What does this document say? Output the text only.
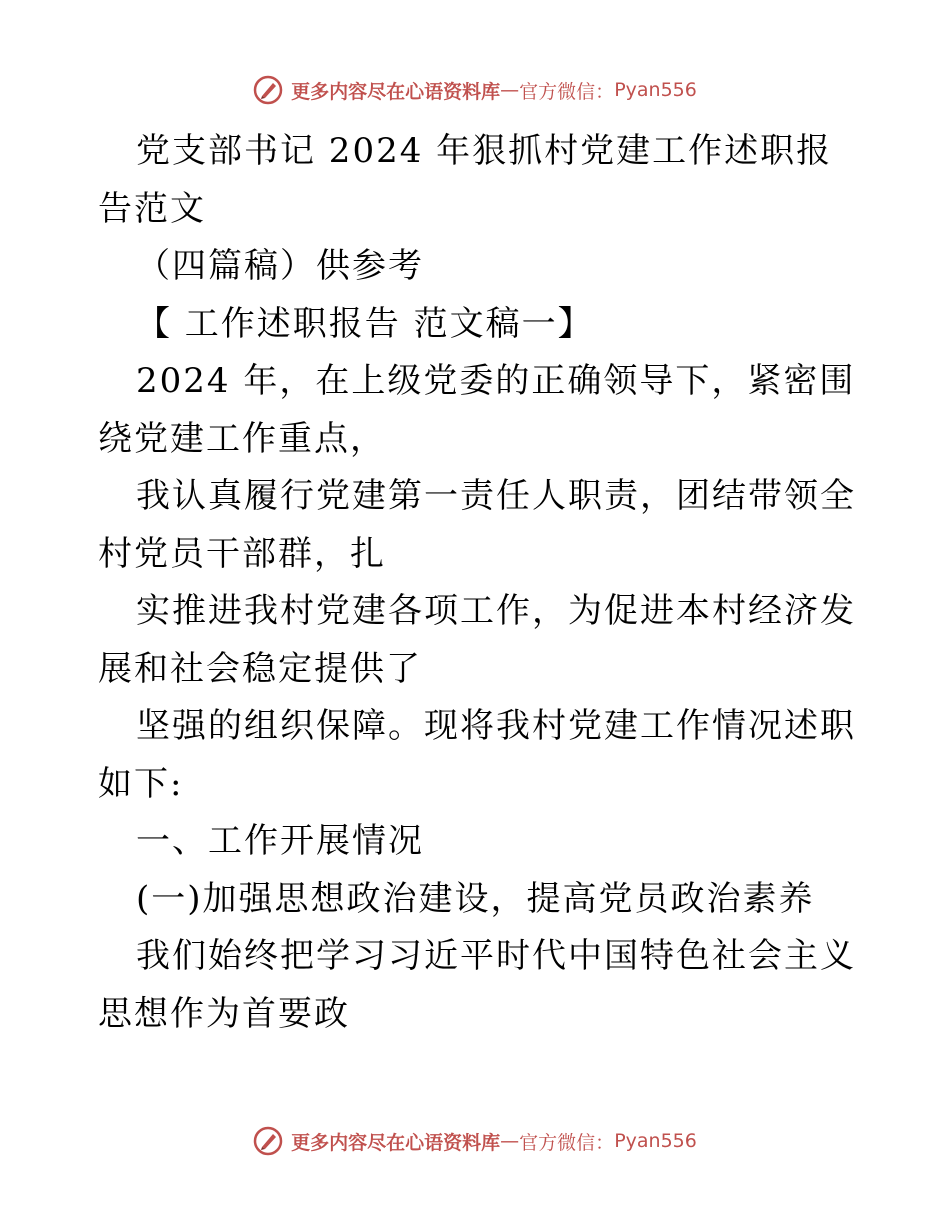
更多内容尽在心语资料库 — 官方微信： Pyan556

党支部书记 2024 年狠抓村党建工作述职报告范文

（四篇稿）供参考

【 工作述职报告 范文稿一】

2024 年，在上级党委的正确领导下，紧密围绕党建工作重点，

我认真履行党建第一责任人职责，团结带领全村党员干部群，扎

实推进我村党建各项工作，为促进本村经济发展和社会稳定提供了

坚强的组织保障。现将我村党建工作情况述职如下:

一、工作开展情况

(一)加强思想政治建设，提高党员政治素养

我们始终把学习习近平时代中国特色社会主义思想作为首要政

更多内容尽在心语资料库 — 官方微信： Pyan556
